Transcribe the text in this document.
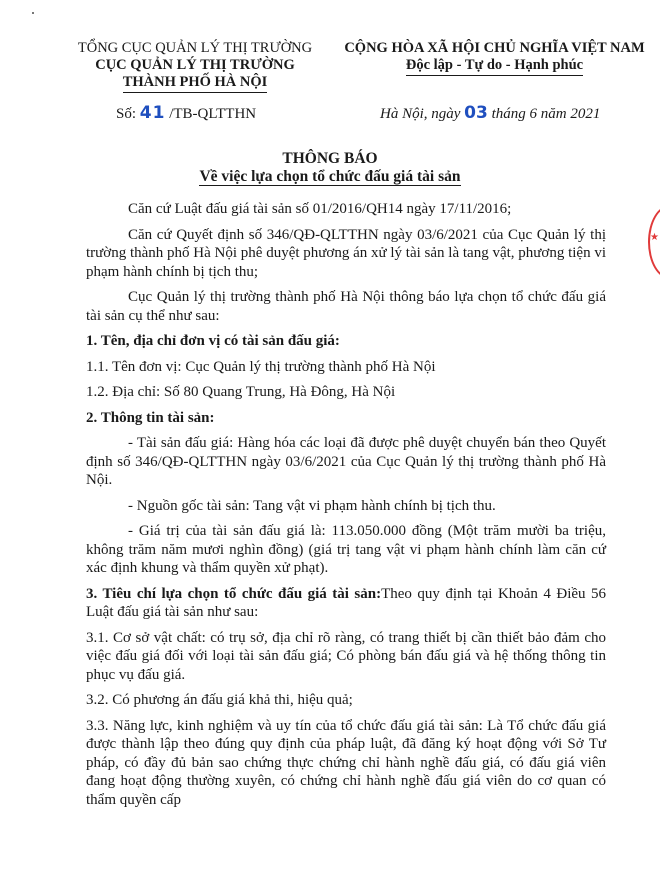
TỔNG CỤC QUẢN LÝ THỊ TRƯỜNG
CỤC QUẢN LÝ THỊ TRƯỜNG
THÀNH PHỐ HÀ NỘI
CỘNG HÒA XÃ HỘI CHỦ NGHĨA VIỆT NAM
Độc lập - Tự do - Hạnh phúc
Số: 41 /TB-QLTTHN	Hà Nội, ngày 03 tháng 6 năm 2021
THÔNG BÁO
Về việc lựa chọn tổ chức đấu giá tài sản
★

Căn cứ Luật đấu giá tài sản số 01/2016/QH14 ngày 17/11/2016;

Căn cứ Quyết định số 346/QĐ-QLTTHN ngày 03/6/2021 của Cục Quản lý thị trường thành phố Hà Nội phê duyệt phương án xử lý tài sản là tang vật, phương tiện vi phạm hành chính bị tịch thu;

Cục Quản lý thị trường thành phố Hà Nội thông báo lựa chọn tổ chức đấu giá tài sản cụ thể như sau:

1. Tên, địa chỉ đơn vị có tài sản đấu giá:

1.1. Tên đơn vị: Cục Quản lý thị trường thành phố Hà Nội

1.2. Địa chỉ: Số 80 Quang Trung, Hà Đông, Hà Nội

2. Thông tin tài sản:

- Tài sản đấu giá: Hàng hóa các loại đã được phê duyệt chuyển bán theo Quyết định số 346/QĐ-QLTTHN ngày 03/6/2021 của Cục Quản lý thị trường thành phố Hà Nội.

- Nguồn gốc tài sản: Tang vật vi phạm hành chính bị tịch thu.

- Giá trị của tài sản đấu giá là: 113.050.000 đồng (Một trăm mười ba triệu, không trăm năm mươi nghìn đồng) (giá trị tang vật vi phạm hành chính làm căn cứ xác định khung và thẩm quyền xử phạt).

3. Tiêu chí lựa chọn tổ chức đấu giá tài sản:Theo quy định tại Khoản 4 Điều 56 Luật đấu giá tài sản như sau:

3.1. Cơ sở vật chất: có trụ sở, địa chỉ rõ ràng, có trang thiết bị cần thiết bảo đảm cho việc đấu giá đối với loại tài sản đấu giá; Có phòng bán đấu giá và hệ thống thông tin phục vụ đấu giá.

3.2. Có phương án đấu giá khả thi, hiệu quả;

3.3. Năng lực, kinh nghiệm và uy tín của tổ chức đấu giá tài sản: Là Tổ chức đấu giá được thành lập theo đúng quy định của pháp luật, đã đăng ký hoạt động với Sở Tư pháp, có đầy đủ bản sao chứng thực chứng chỉ hành nghề đấu giá, có đấu giá viên đang hoạt động thường xuyên, có chứng chỉ hành nghề đấu giá viên do cơ quan có thẩm quyền cấp
